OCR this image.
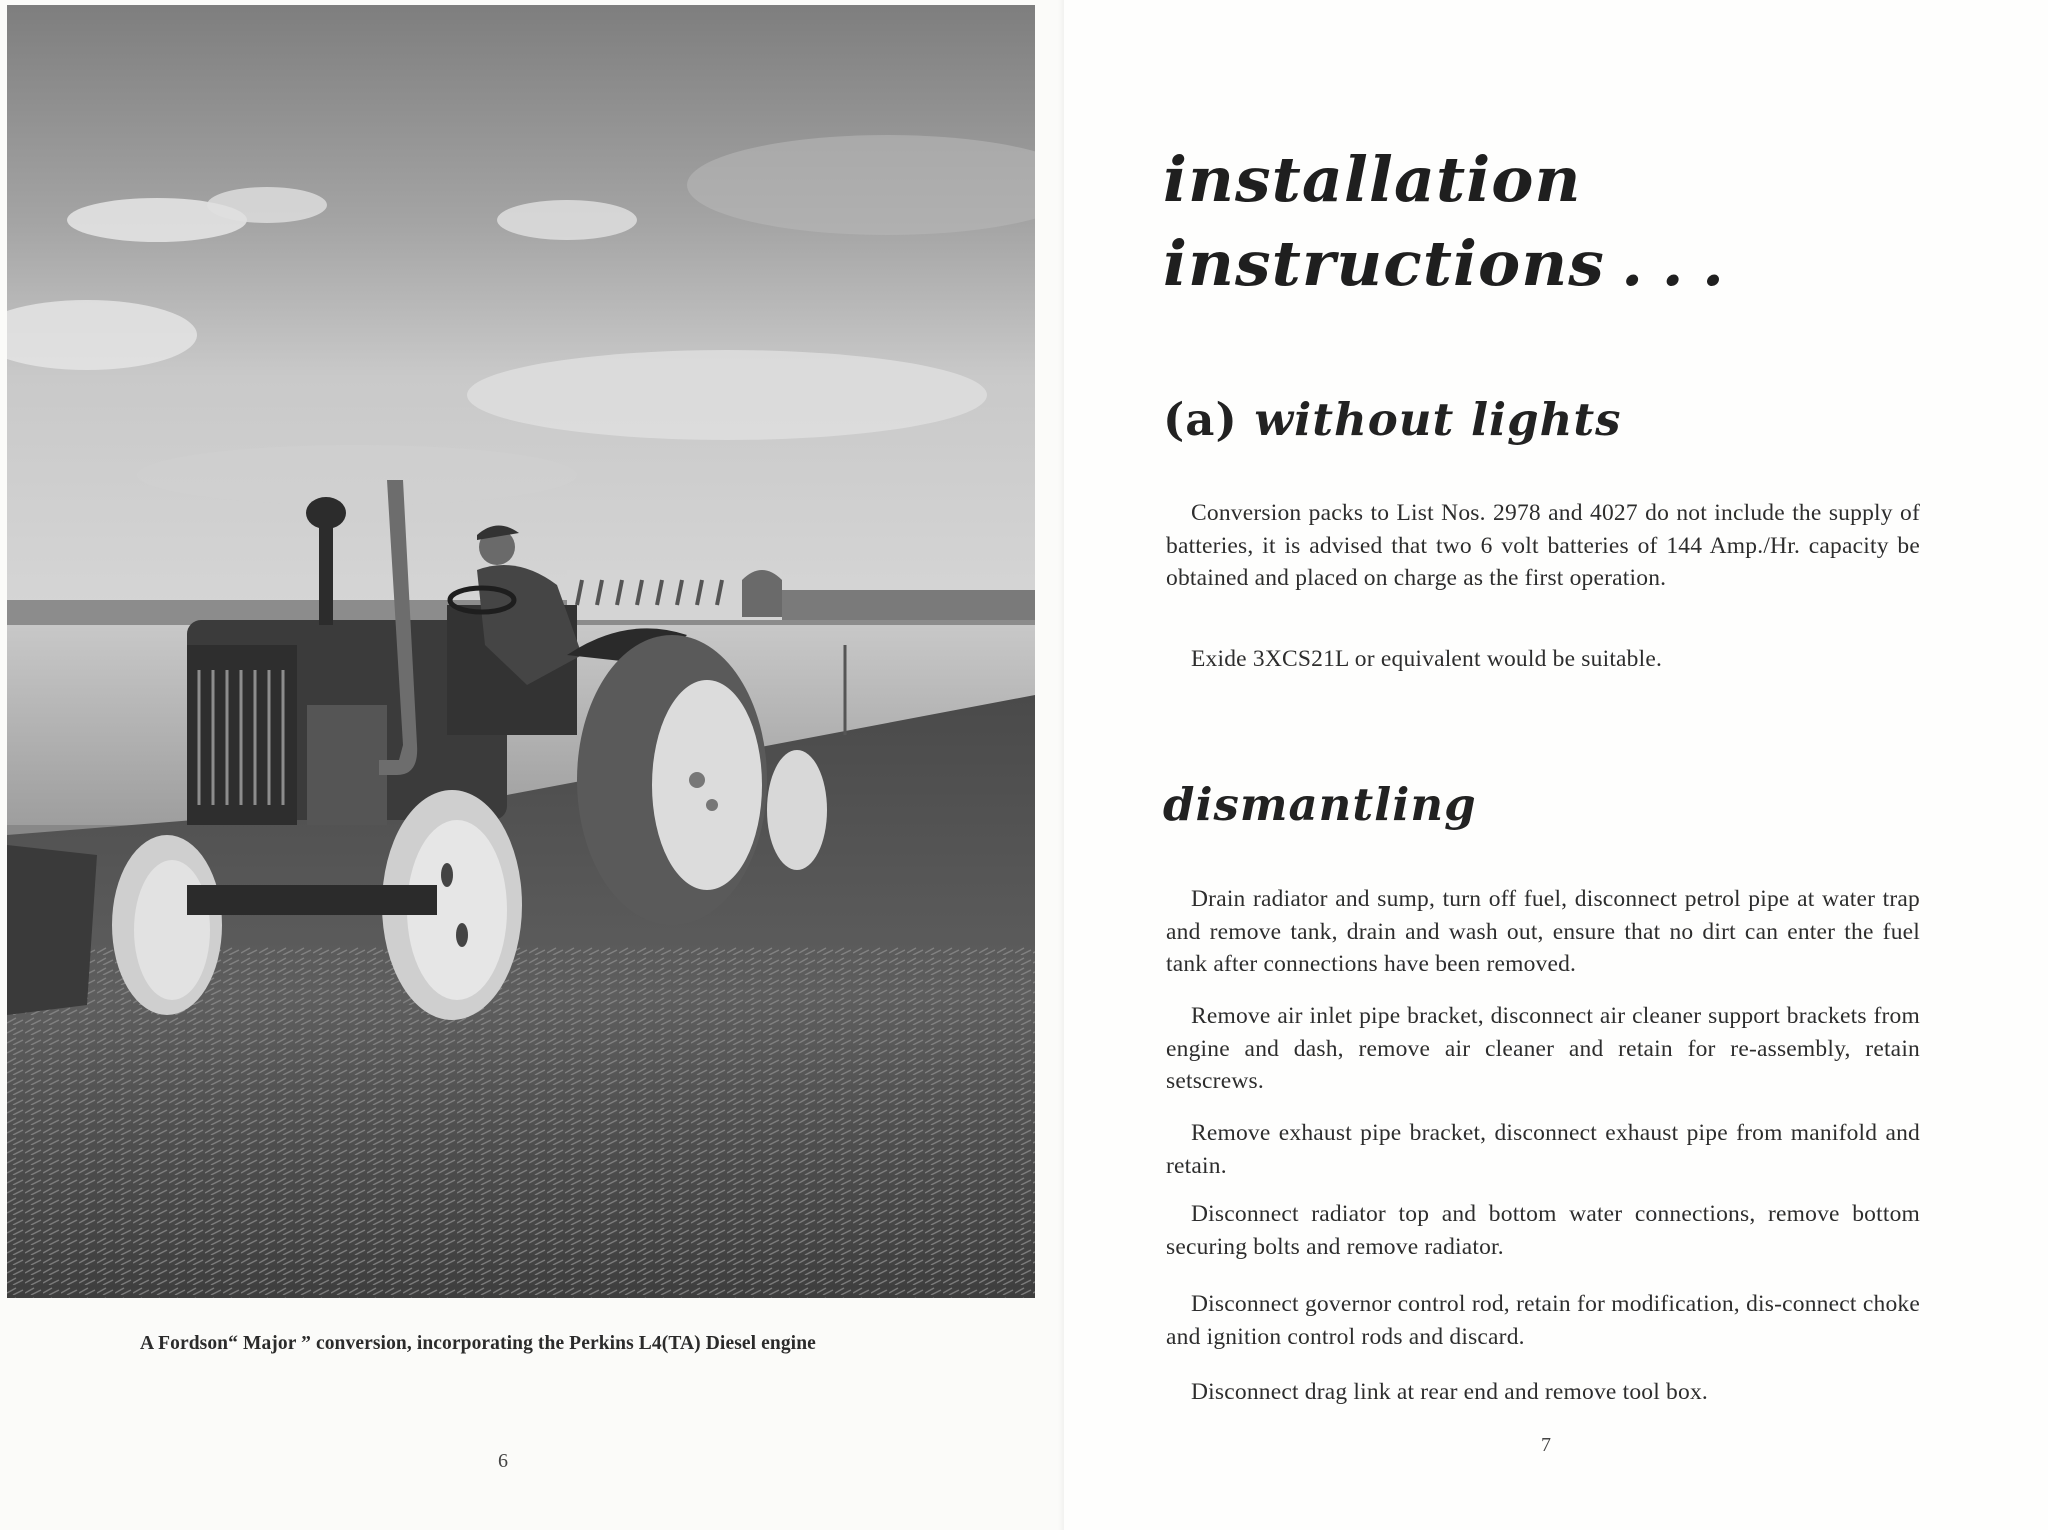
A Fordson“ Major ” conversion, incorporating the Perkins L4(TA) Diesel engine
6
installation
instructions ...
(a) without lights

Conversion packs to List Nos. 2978 and 4027 do not include the supply of batteries, it is advised that two 6 volt batteries of 144 Amp./Hr. capacity be obtained and placed on charge as the first operation.

Exide 3XCS21L or equivalent would be suitable.

dismantling

Drain radiator and sump, turn off fuel, disconnect petrol pipe at water trap and remove tank, drain and wash out, ensure that no dirt can enter the fuel tank after connections have been removed.

Remove air inlet pipe bracket, disconnect air cleaner support brackets from engine and dash, remove air cleaner and retain for re-assembly, retain setscrews.

Remove exhaust pipe bracket, disconnect exhaust pipe from manifold and retain.

Disconnect radiator top and bottom water connections, remove bottom securing bolts and remove radiator.

Disconnect governor control rod, retain for modification, dis-connect choke and ignition control rods and discard.

Disconnect drag link at rear end and remove tool box.

7
